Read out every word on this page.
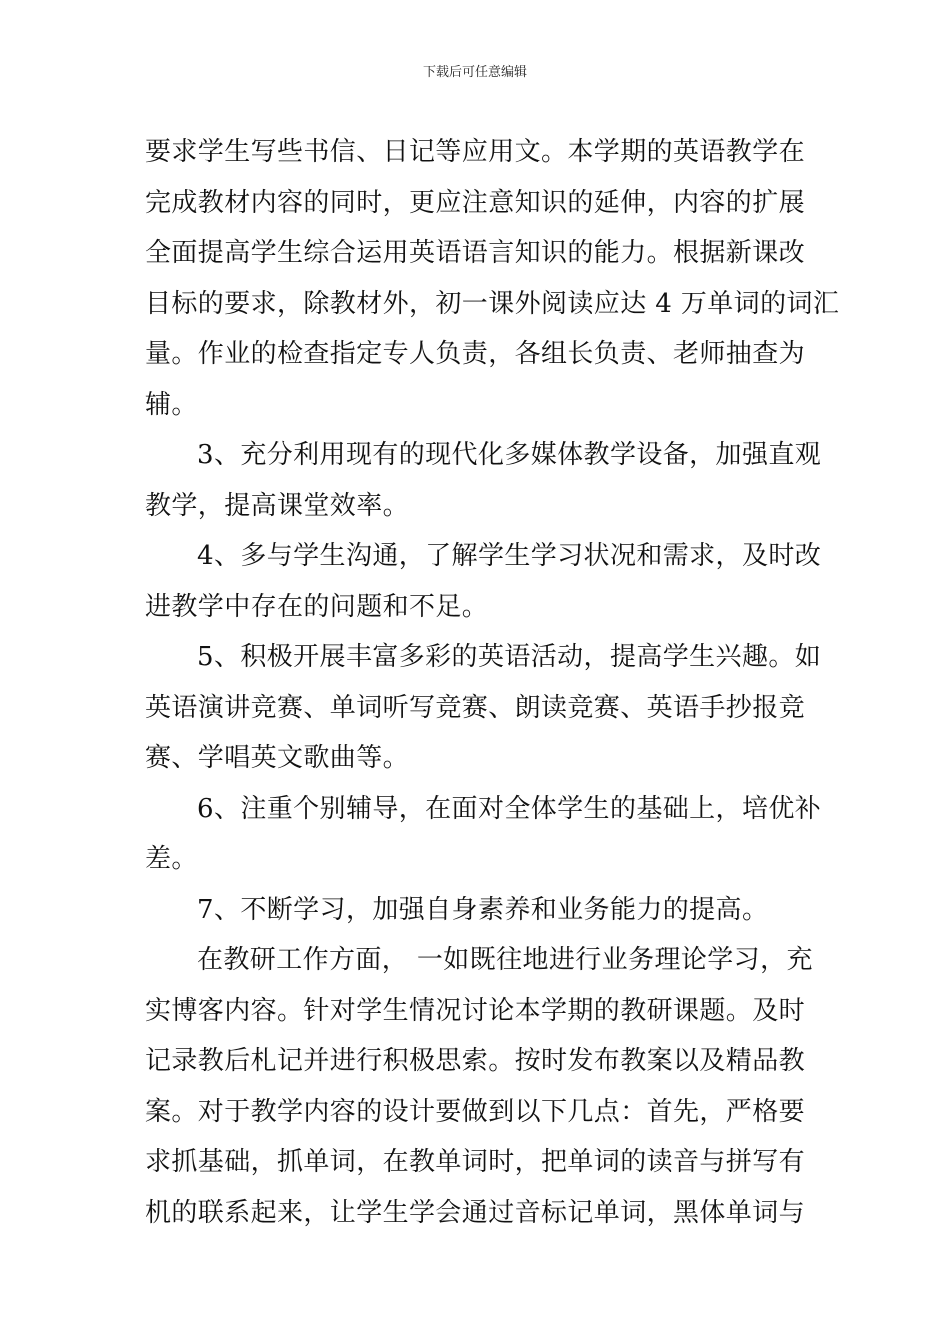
下载后可任意编辑
要求学生写些书信、日记等应用文。本学期的英语教学在
完成教材内容的同时，更应注意知识的延伸，内容的扩展
全面提高学生综合运用英语语言知识的能力。根据新课改
目标的要求，除教材外，初一课外阅读应达 4 万单词的词汇
量。作业的检查指定专人负责，各组长负责、老师抽查为
辅。
3、充分利用现有的现代化多媒体教学设备，加强直观
教学，提高课堂效率。
4、多与学生沟通，了解学生学习状况和需求，及时改
进教学中存在的问题和不足。
5、积极开展丰富多彩的英语活动，提高学生兴趣。如
英语演讲竞赛、单词听写竞赛、朗读竞赛、英语手抄报竞
赛、学唱英文歌曲等。
6、注重个别辅导，在面对全体学生的基础上，培优补
差。
7、不断学习，加强自身素养和业务能力的提高。
在教研工作方面， 一如既往地进行业务理论学习，充
实博客内容。针对学生情况讨论本学期的教研课题。及时
记录教后札记并进行积极思索。按时发布教案以及精品教
案。对于教学内容的设计要做到以下几点：首先，严格要
求抓基础，抓单词，在教单词时，把单词的读音与拼写有
机的联系起来，让学生学会通过音标记单词，黑体单词与
